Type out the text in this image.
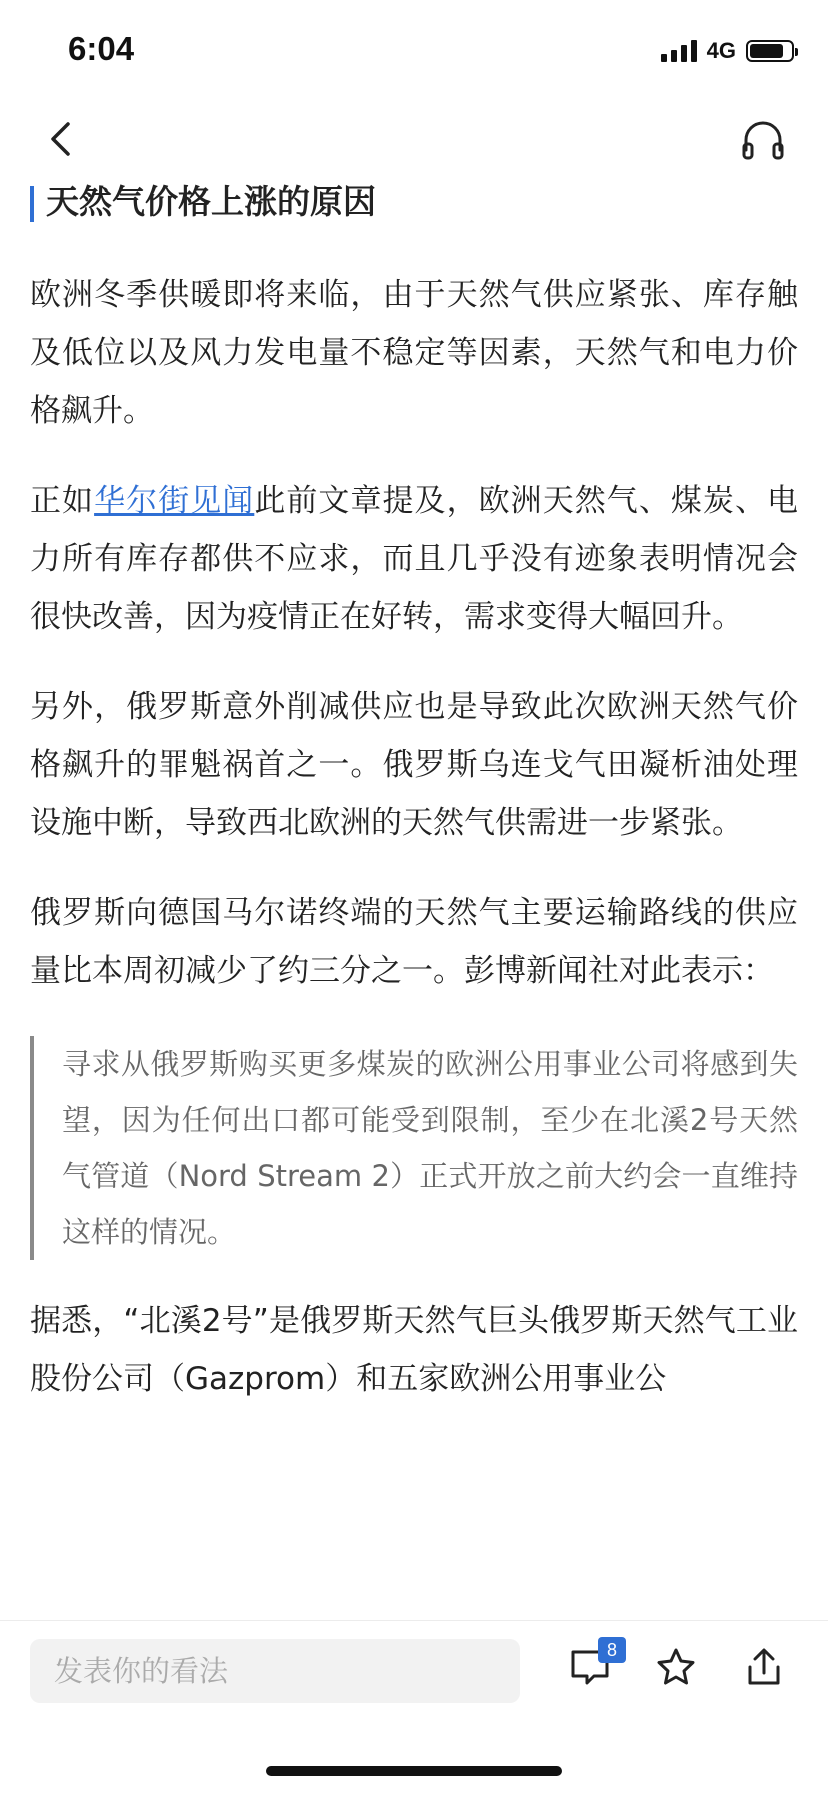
6:04	4G
天然气价格上涨的原因

欧洲冬季供暖即将来临，由于天然气供应紧张、库存触及低位以及风力发电量不稳定等因素，天然气和电力价格飙升。

正如华尔街见闻此前文章提及，欧洲天然气、煤炭、电力所有库存都供不应求，而且几乎没有迹象表明情况会很快改善，因为疫情正在好转，需求变得大幅回升。

另外，俄罗斯意外削减供应也是导致此次欧洲天然气价格飙升的罪魁祸首之一。俄罗斯乌连戈气田凝析油处理设施中断，导致西北欧洲的天然气供需进一步紧张。

俄罗斯向德国马尔诺终端的天然气主要运输路线的供应量比本周初减少了约三分之一。彭博新闻社对此表示：

寻求从俄罗斯购买更多煤炭的欧洲公用事业公司将感到失望，因为任何出口都可能受到限制，至少在北溪2号天然气管道（Nord Stream 2）正式开放之前大约会一直维持这样的情况。

据悉，“北溪2号”是俄罗斯天然气巨头俄罗斯天然气工业股份公司（Gazprom）和五家欧洲公用事业公

发表你的看法
8
